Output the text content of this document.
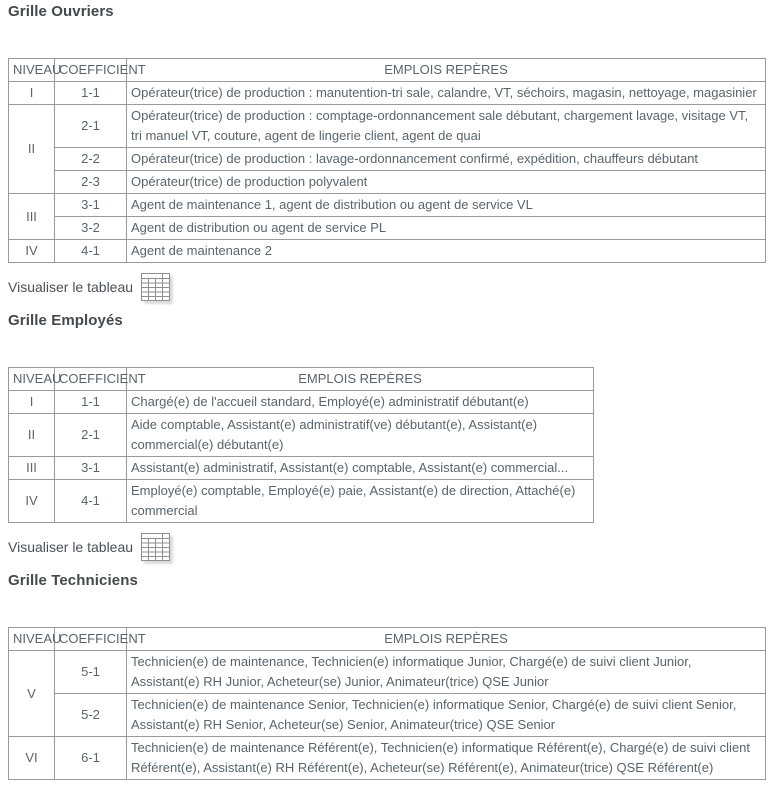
Grille Ouvriers
NIVEAU	COEFFICIENT	EMPLOIS REPÈRES
I	1-1	Opérateur(trice) de production : manutention-tri sale, calandre, VT, séchoirs, magasin, nettoyage, magasinier
II	2-1	Opérateur(trice) de production : comptage-ordonnancement sale débutant, chargement lavage, visitage VT, tri manuel VT, couture, agent de lingerie client, agent de quai
	2-2	Opérateur(trice) de production : lavage-ordonnancement confirmé, expédition, chauffeurs débutant
	2-3	Opérateur(trice) de production polyvalent
III	3-1	Agent de maintenance 1, agent de distribution ou agent de service VL
	3-2	Agent de distribution ou agent de service PL
IV	4-1	Agent de maintenance 2
Visualiser le tableau
Grille Employés
NIVEAU	COEFFICIENT	EMPLOIS REPÈRES
I	1-1	Chargé(e) de l'accueil standard, Employé(e) administratif débutant(e)
II	2-1	Aide comptable, Assistant(e) administratif(ve) débutant(e), Assistant(e) commercial(e) débutant(e)
III	3-1	Assistant(e) administratif, Assistant(e) comptable, Assistant(e) commercial...
IV	4-1	Employé(e) comptable, Employé(e) paie, Assistant(e) de direction, Attaché(e) commercial
Visualiser le tableau
Grille Techniciens
NIVEAU	COEFFICIENT	EMPLOIS REPÈRES
V	5-1	Technicien(e) de maintenance, Technicien(e) informatique Junior, Chargé(e) de suivi client Junior, Assistant(e) RH Junior, Acheteur(se) Junior, Animateur(trice) QSE Junior
	5-2	Technicien(e) de maintenance Senior, Technicien(e) informatique Senior, Chargé(e) de suivi client Senior, Assistant(e) RH Senior, Acheteur(se) Senior, Animateur(trice) QSE Senior
VI	6-1	Technicien(e) de maintenance Référent(e), Technicien(e) informatique Référent(e), Chargé(e) de suivi client Référent(e), Assistant(e) RH Référent(e), Acheteur(se) Référent(e), Animateur(trice) QSE Référent(e)
